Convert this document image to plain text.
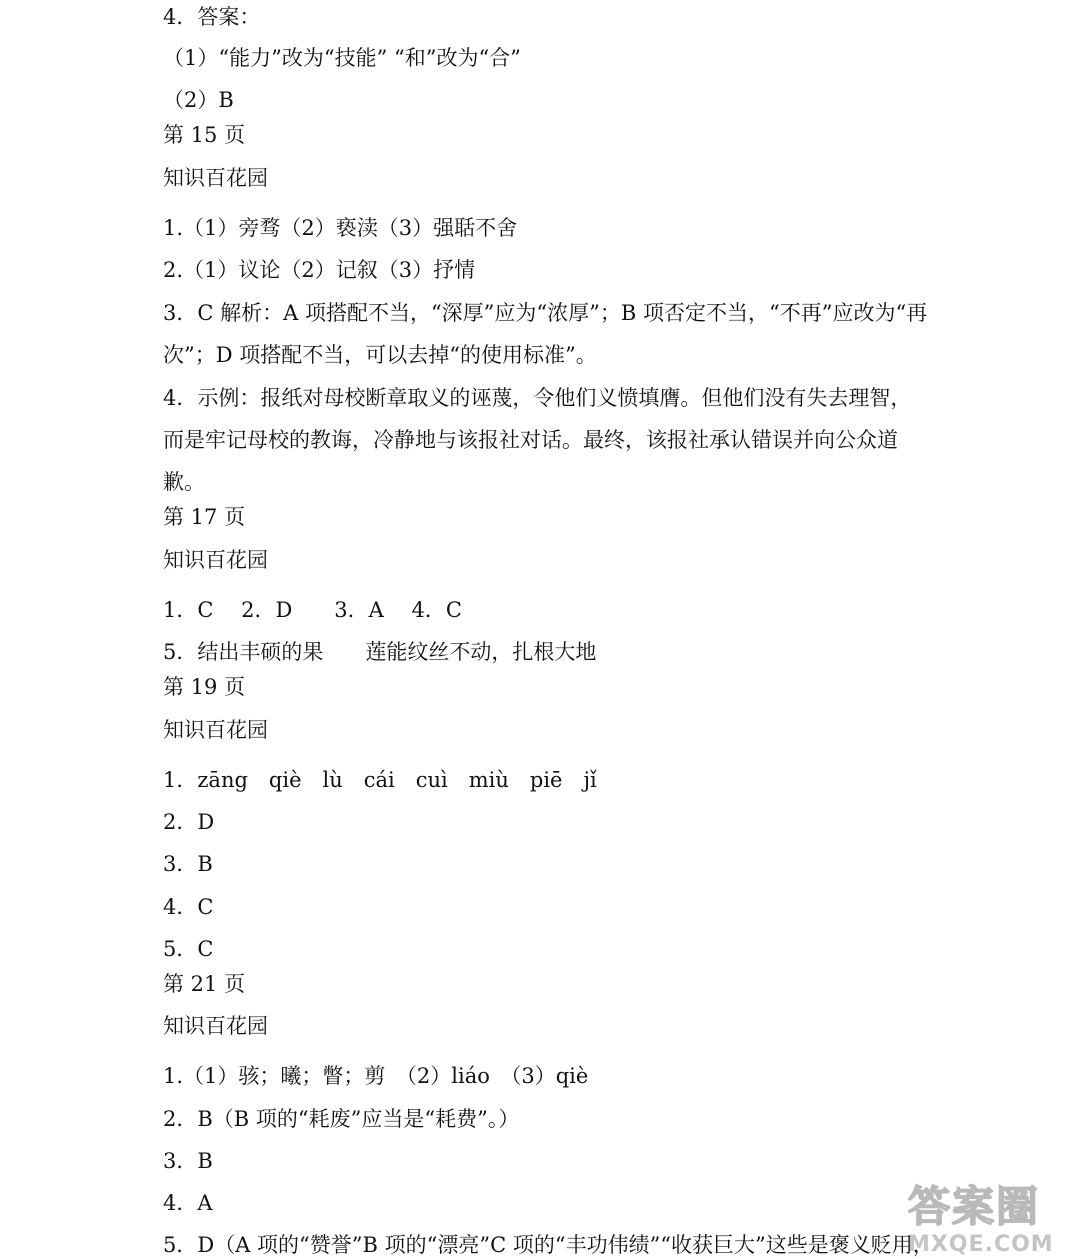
4．答案：
（1）“能力”改为“技能” “和”改为“合”
（2）B
第 15 页
知识百花园
1.（1）旁骛（2）亵渎（3）强聒不舍
2.（1）议论（2）记叙（3）抒情
3．C 解析：A 项搭配不当，“深厚”应为“浓厚”；B 项否定不当，“不再”应改为“再
次”；D 项搭配不当，可以去掉“的使用标准”。
4．示例：报纸对母校断章取义的诬蔑，令他们义愤填膺。但他们没有失去理智，
而是牢记母校的教诲，冷静地与该报社对话。最终，该报社承认错误并向公众道
歉。
第 17 页
知识百花园
1．C　 2．D　　3．A　 4．C
5．结出丰硕的果　　莲能纹丝不动，扎根大地
第 19 页
知识百花园
1．zāng　qiè　lù　cái　cuì　miù　piē　jǐ
2．D
3．B
4．C
5．C
第 21 页
知识百花园
1.（1）骇；曦；瞥；剪　（2）liáo　（3）qiè
2．B（B 项的“耗废”应当是“耗费”。）
3．B
4．A
5．D（A 项的“赞誉”B 项的“漂亮”C 项的“丰功伟绩”“收获巨大”这些是褒义贬用，
答案圈
MXQE.COM
